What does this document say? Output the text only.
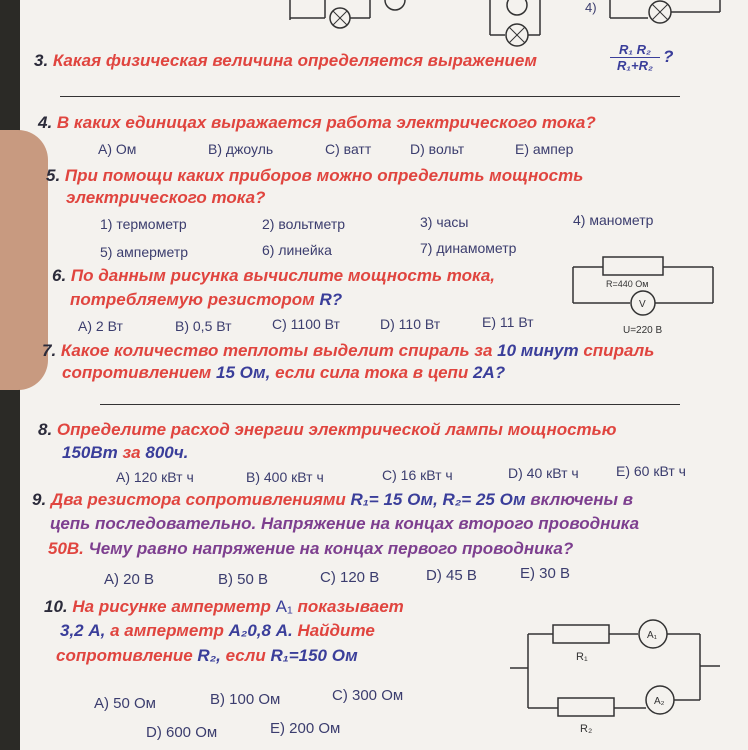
4)
3. Какая физическая величина определяется выражением	$\frac{\text{R₁ R₂}}{\text{R₁+R₂}}$ ?
4. В каких единицах выражается работа электрического тока?
A) Ом	B) джоуль	C) ватт	D) вольт	E) ампер
5. При помощи каких приборов можно определить мощность
электрического тока?
1) термометр	2) вольтметр	3) часы	4) манометр
5) амперметр	6) линейка	7) динамометр
6. По данным рисунка вычислите мощность тока,
потребляемую резистором R?
A) 2 Вт	B) 0,5 Вт	C) 1100 Вт	D) 110 Вт	E) 11 Вт
R=440 Ом
V
U=220 В
7. Какое количество теплоты выделит спираль за 10 минут спираль
сопротивлением 15 Ом, если сила тока в цепи 2А?
8. Определите расход энергии электрической лампы мощностью
150Вт за 800ч.
A) 120 кВт ч	B) 400 кВт ч	C) 16 кВт ч	D) 40 кВт ч	E) 60 кВт ч
9. Два резистора сопротивлениями R₁= 15 Ом, R₂= 25 Ом включены в
цепь последовательно. Напряжение на концах второго проводника
50В. Чему равно напряжение на концах первого проводника?
A) 20 В	B) 50 В	C) 120 В	D) 45 В	E) 30 В
10. На рисунке амперметр A₁ показывает
3,2 А, а амперметр A₂0,8 А. Найдите
сопротивление R₂, если R₁=150 Ом
A) 50 Ом	B) 100 Ом	C) 300 Ом
D) 600 Ом	E) 200 Ом
R₁
R₂
A₁
A₂
